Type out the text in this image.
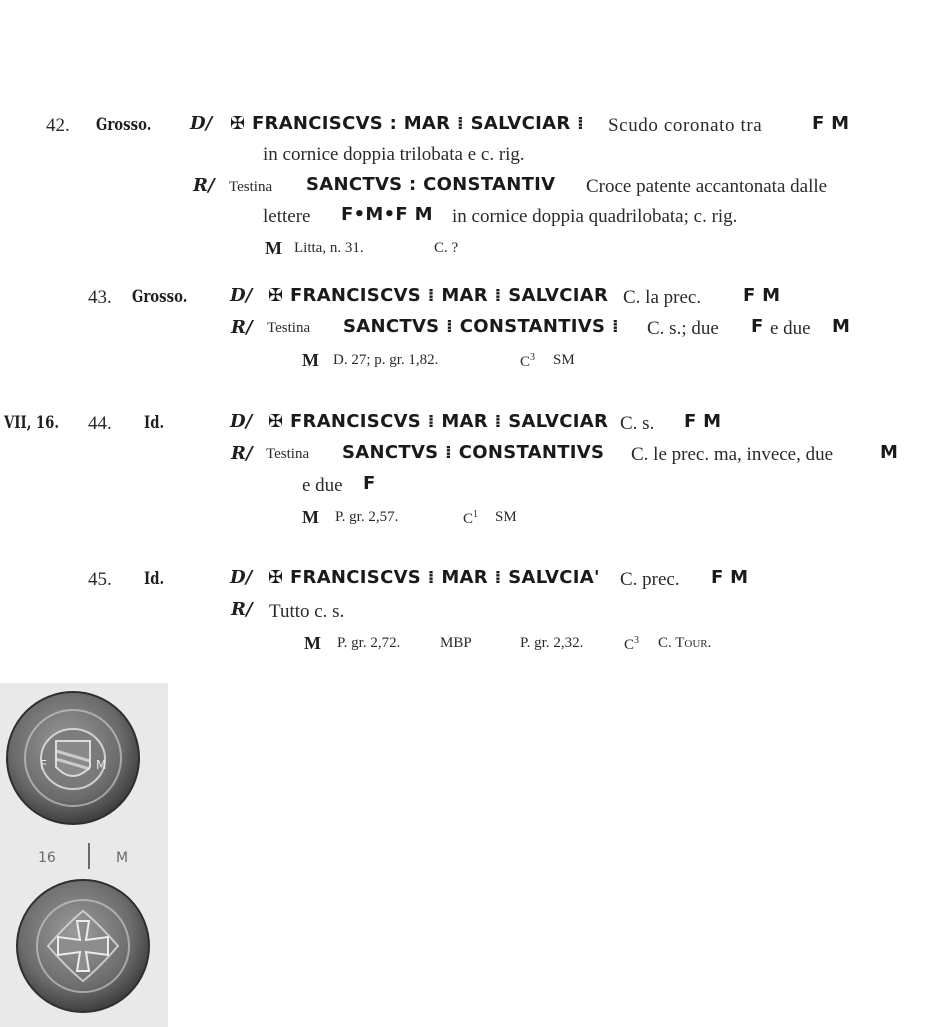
42. Grosso. D/ ✠ FRANCISCVS : MAR ⁞ SALVCIAR ⁞ Scudo coronato tra	F M
in cornice doppia trilobata e c. rig.
R/ Testina SANCTVS : CONSTANTIV Croce patente accantonata dalle
lettere F•M•F M in cornice doppia quadrilobata; c. rig.
M Litta, n. 31.	C. ?
43. Grosso. D/ ✠ FRANCISCVS ⁞ MAR ⁞ SALVCIAR C. la prec. F M
R/ Testina SANCTVS ⁞ CONSTANTIVS ⁞ C. s.; due F e due M
M D. 27; p. gr. 1,82.	$C^3$ SM
VII, 16. 44. Id.	D/ ✠ FRANCISCVS ⁞ MAR ⁞ SALVCIAR C. s. F M
R/ Testina SANCTVS ⁞ CONSTANTIVS C. le prec. ma, invece, due	M
e due F
M P. gr. 2,57.	$C^1$ SM
45. Id.	D/ ✠ FRANCISCVS ⁞ MAR ⁞ SALVCIA' C. prec. F M
R/ Tutto c. s.
M P. gr. 2,72.	MBP	P. gr. 2,32.	$C^3$ C. Tour.
F	M
16	M
